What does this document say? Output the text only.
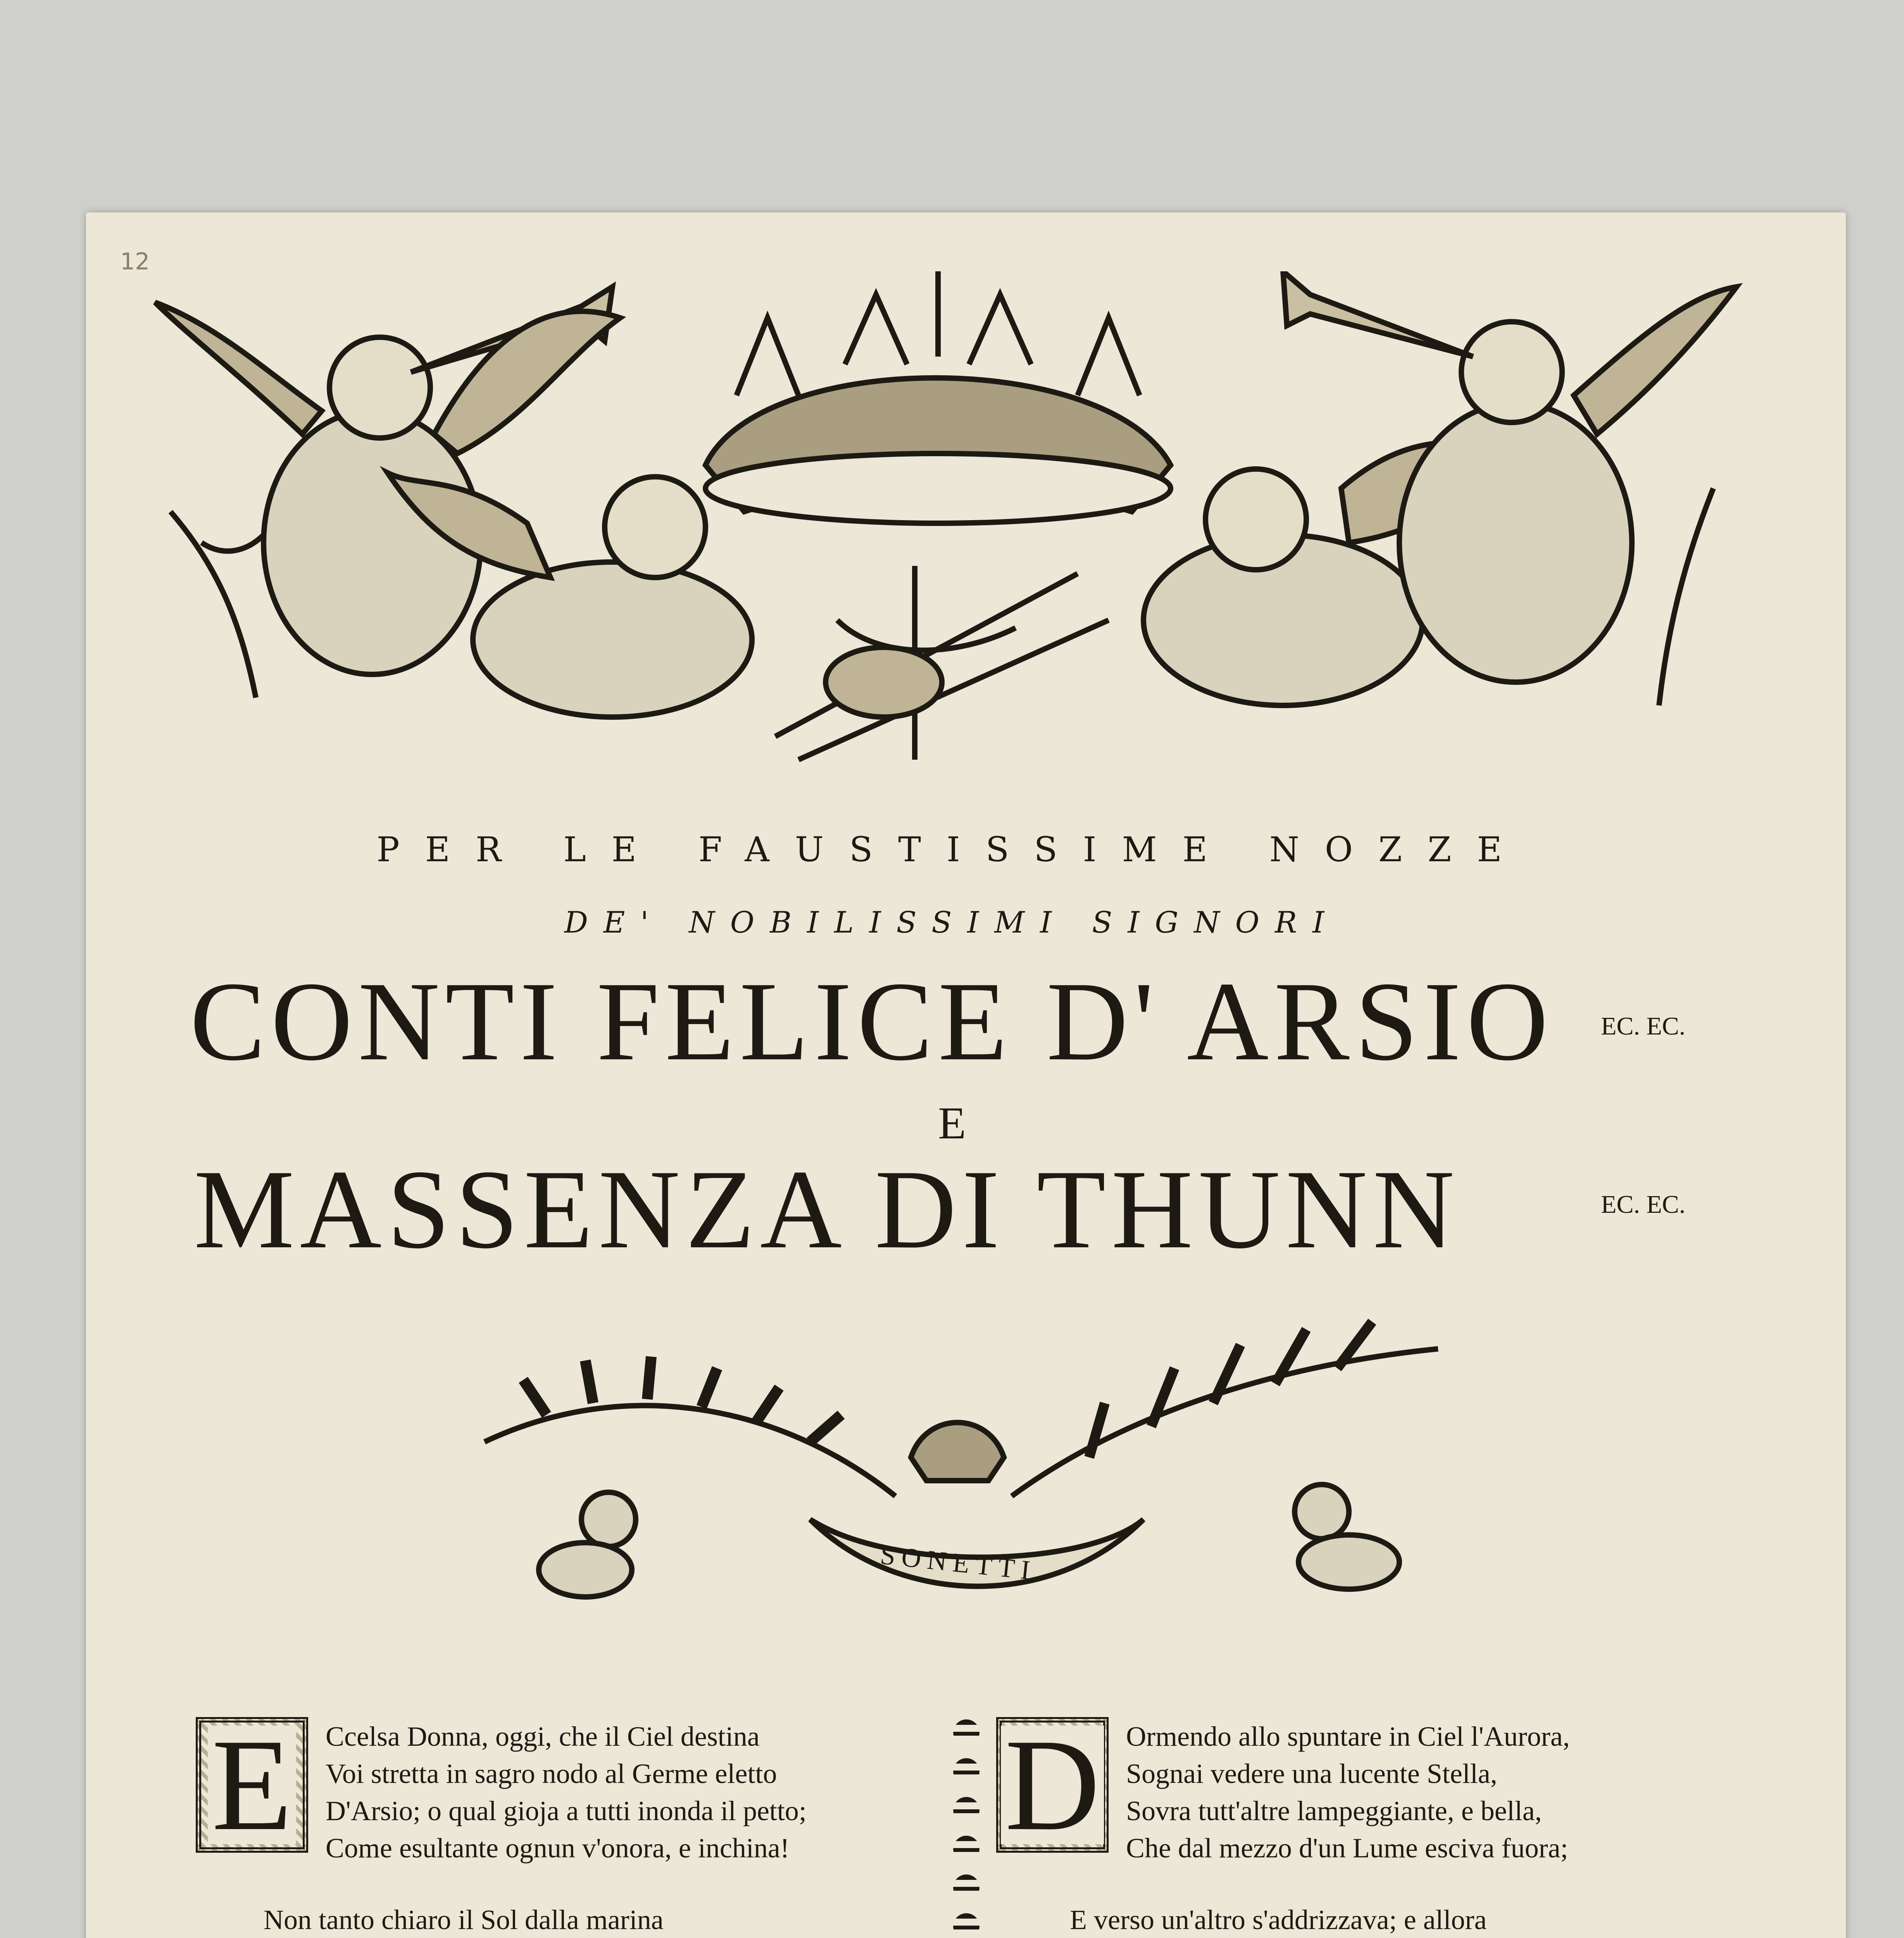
12
PER LE FAUSTISSIME NOZZE
DE' NOBILISSIMI SIGNORI
CONTI FELICE D' ARSIO EC. EC.
E
MASSENZA DI THUNN	EC. EC.
SONETTI.
E Ccelsa Donna, oggi, che il Ciel destina
Voi stretta in sagro nodo al Germe eletto
D'Arsio; o qual gioja a tutti inonda il petto;
Come esultante ognun v'onora, e inchina!
Non tanto chiaro il Sol dalla marina
D Ormendo allo spuntare in Ciel l'Aurora,
Sognai vedere una lucente Stella,
Sovra tutt'altre lampeggiante, e bella,
Che dal mezzo d'un Lume esciva fuora;
E verso un'altro s'addrizzava; e allora
